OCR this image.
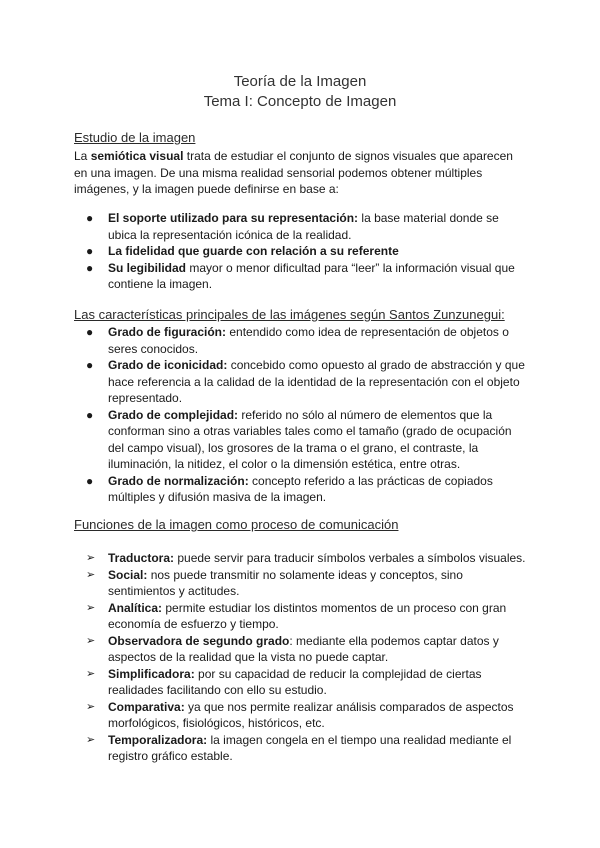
Teoría de la Imagen
Tema I: Concepto de Imagen
Estudio de la imagen
La semiótica visual trata de estudiar el conjunto de signos visuales que aparecen en una imagen. De una misma realidad sensorial podemos obtener múltiples imágenes, y la imagen puede definirse en base a:
● El soporte utilizado para su representación: la base material donde se ubica la representación icónica de la realidad.
● La fidelidad que guarde con relación a su referente
● Su legibilidad mayor o menor dificultad para “leer” la información visual que contiene la imagen.
Las características principales de las imágenes según Santos Zunzunegui:
● Grado de figuración: entendido como idea de representación de objetos o seres conocidos.
● Grado de iconicidad: concebido como opuesto al grado de abstracción y que hace referencia a la calidad de la identidad de la representación con el objeto representado.
● Grado de complejidad: referido no sólo al número de elementos que la conforman sino a otras variables tales como el tamaño (grado de ocupación del campo visual), los grosores de la trama o el grano, el contraste, la iluminación, la nitidez, el color o la dimensión estética, entre otras.
● Grado de normalización: concepto referido a las prácticas de copiados múltiples y difusión masiva de la imagen.
Funciones de la imagen como proceso de comunicación
➢ Traductora: puede servir para traducir símbolos verbales a símbolos visuales.
➢ Social: nos puede transmitir no solamente ideas y conceptos, sino sentimientos y actitudes.
➢ Analítica: permite estudiar los distintos momentos de un proceso con gran economía de esfuerzo y tiempo.
➢ Observadora de segundo grado: mediante ella podemos captar datos y aspectos de la realidad que la vista no puede captar.
➢ Simplificadora: por su capacidad de reducir la complejidad de ciertas realidades facilitando con ello su estudio.
➢ Comparativa: ya que nos permite realizar análisis comparados de aspectos morfológicos, fisiológicos, históricos, etc.
➢ Temporalizadora: la imagen congela en el tiempo una realidad mediante el registro gráfico estable.
